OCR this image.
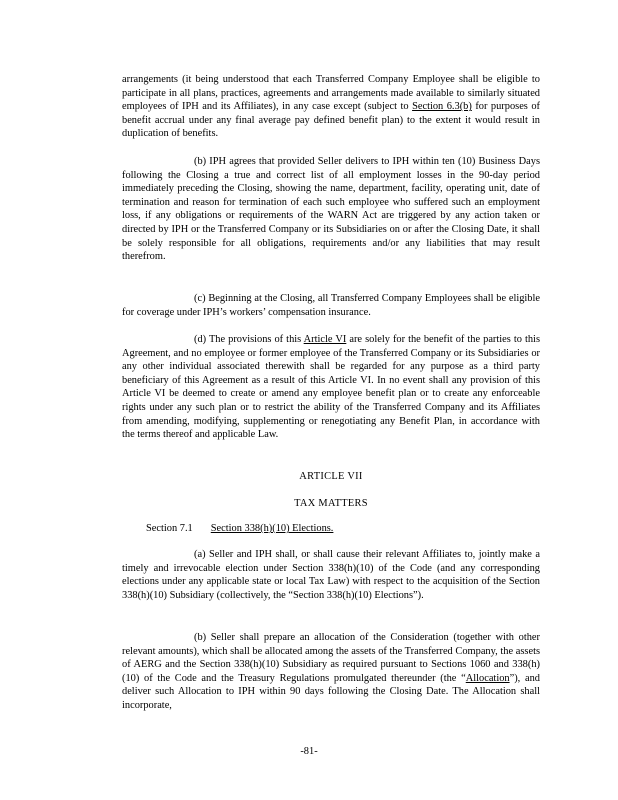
arrangements (it being understood that each Transferred Company Employee shall be eligible to participate in all plans, practices, agreements and arrangements made available to similarly situated employees of IPH and its Affiliates), in any case except (subject to Section 6.3(b) for purposes of benefit accrual under any final average pay defined benefit plan) to the extent it would result in duplication of benefits.

(b) IPH agrees that provided Seller delivers to IPH within ten (10) Business Days following the Closing a true and correct list of all employment losses in the 90-day period immediately preceding the Closing, showing the name, department, facility, operating unit, date of termination and reason for termination of each such employee who suffered such an employment loss, if any obligations or requirements of the WARN Act are triggered by any action taken or directed by IPH or the Transferred Company or its Subsidiaries on or after the Closing Date, it shall be solely responsible for all obligations, requirements and/or any liabilities that may result therefrom.

(c) Beginning at the Closing, all Transferred Company Employees shall be eligible for coverage under IPH’s workers’ compensation insurance.

(d) The provisions of this Article VI are solely for the benefit of the parties to this Agreement, and no employee or former employee of the Transferred Company or its Subsidiaries or any other individual associated therewith shall be regarded for any purpose as a third party beneficiary of this Agreement as a result of this Article VI. In no event shall any provision of this Article VI be deemed to create or amend any employee benefit plan or to create any enforceable rights under any such plan or to restrict the ability of the Transferred Company and its Affiliates from amending, modifying, supplementing or renegotiating any Benefit Plan, in accordance with the terms thereof and applicable Law.

ARTICLE VII
TAX MATTERS
Section 7.1 Section 338(h)(10) Elections.

(a) Seller and IPH shall, or shall cause their relevant Affiliates to, jointly make a timely and irrevocable election under Section 338(h)(10) of the Code (and any corresponding elections under any applicable state or local Tax Law) with respect to the acquisition of the Section 338(h)(10) Subsidiary (collectively, the “Section 338(h)(10) Elections”).

(b) Seller shall prepare an allocation of the Consideration (together with other relevant amounts), which shall be allocated among the assets of the Transferred Company, the assets of AERG and the Section 338(h)(10) Subsidiary as required pursuant to Sections 1060 and 338(h)(10) of the Code and the Treasury Regulations promulgated thereunder (the “Allocation”), and deliver such Allocation to IPH within 90 days following the Closing Date. The Allocation shall incorporate,

-81-
